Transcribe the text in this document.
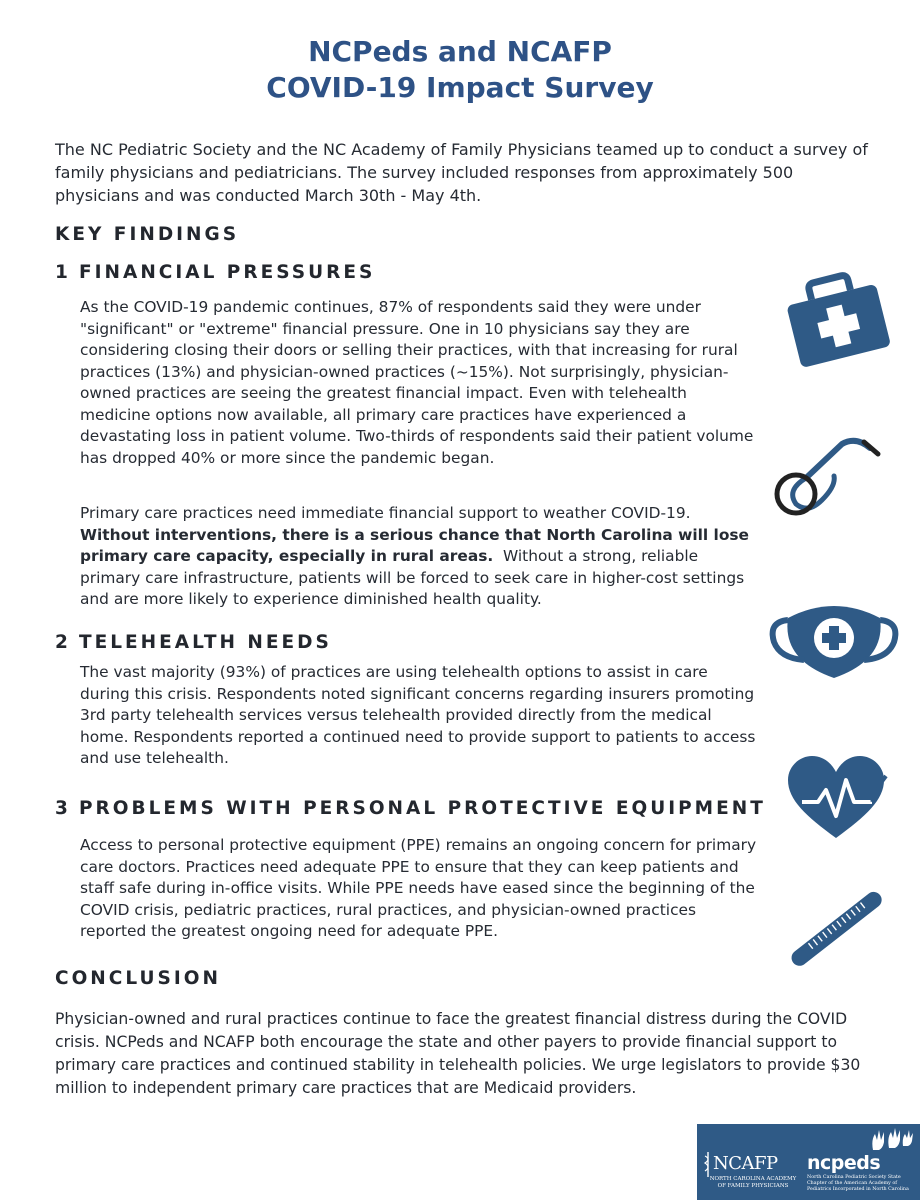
NCPeds and NCAFP
COVID-19 Impact Survey

The NC Pediatric Society and the NC Academy of Family Physicians teamed up to conduct a survey of family physicians and pediatricians. The survey included responses from approximately 500 physicians and was conducted March 30th - May 4th.

KEY FINDINGS
1 FINANCIAL PRESSURES

As the COVID-19 pandemic continues, 87% of respondents said they were under "significant" or "extreme" financial pressure. One in 10 physicians say they are considering closing their doors or selling their practices, with that increasing for rural practices (13%) and physician-owned practices (~15%). Not surprisingly, physician-owned practices are seeing the greatest financial impact. Even with telehealth medicine options now available, all primary care practices have experienced a devastating loss in patient volume. Two-thirds of respondents said their patient volume has dropped 40% or more since the pandemic began.

Primary care practices need immediate financial support to weather COVID-19. Without interventions, there is a serious chance that North Carolina will lose primary care capacity, especially in rural areas. Without a strong, reliable primary care infrastructure, patients will be forced to seek care in higher-cost settings and are more likely to experience diminished health quality.

2 TELEHEALTH NEEDS

The vast majority (93%) of practices are using telehealth options to assist in care during this crisis. Respondents noted significant concerns regarding insurers promoting 3rd party telehealth services versus telehealth provided directly from the medical home. Respondents reported a continued need to provide support to patients to access and use telehealth.

3 PROBLEMS WITH PERSONAL PROTECTIVE EQUIPMENT

Access to personal protective equipment (PPE) remains an ongoing concern for primary care doctors. Practices need adequate PPE to ensure that they can keep patients and staff safe during in-office visits. While PPE needs have eased since the beginning of the COVID crisis, pediatric practices, rural practices, and physician-owned practices reported the greatest ongoing need for adequate PPE.

CONCLUSION

Physician-owned and rural practices continue to face the greatest financial distress during the COVID crisis. NCPeds and NCAFP both encourage the state and other payers to provide financial support to primary care practices and continued stability in telehealth policies. We urge legislators to provide $30 million to independent primary care practices that are Medicaid providers.

NCAFP
NORTH CAROLINA ACADEMY OF FAMILY PHYSICIANS
ncpeds
North Carolina Pediatric Society State Chapter of the American Academy of Pediatrics Incorporated in North Carolina
